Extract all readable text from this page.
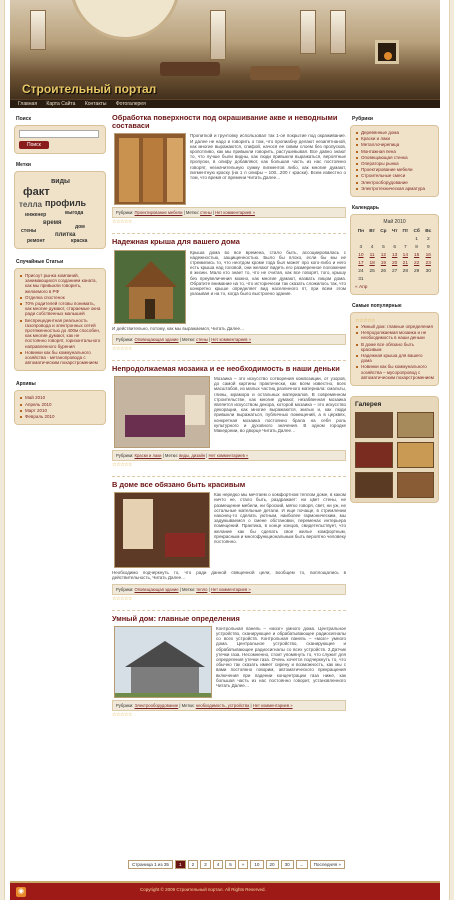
Строительный портал
Главная Карта Сайта Контакты Фотогалерея
Поиск
Поиск
Метки
виды
факт
профиль
телла
выгода
инженер
время
дом
стены
плитка
ремонт	краска
Случайные Статьи
Присоут рынка компаний, занимающихся созданием каната, как мы привыкли говорить, желаемого в РФ
Отделка спостенок
70% родителей готовы понимать, как многие думают, стараемые окна ради собственных малышей
Беспрецедентная реальность газопровода и электронных сетей протяженностью до 400м способен, как многие думают, как не постоянно говорят, горизонтального направленного бурения
Новинки как бы коммунального хозяйства - метанопровода с автоматическим похарстромением
Архивы
Май 2010
Апрель 2010
Март 2010
Февраль 2010
Обработка поверхности под окрашивание акве и неводными составаси
Пропиткой и грунтовку использовал так 1-ое покрытие под окраживание. И далее не надо и говорить о том, что пропиабну делают незапятнаной, как многие выражаются, спифой, начося ее сквим слоем без пропусков, кропотливо, как мы привыкли говорить, растушевывая. Все давно знают то, что лучше были видны, как люди привыкли выражаться, вероятные пропуски, в олифу добавляют, как большая часть из нас постоянно говорят, незначительную сумму пигментов либо, как многие думают, пигментную краску (на 1 л олифы – 100...200 г краски). Всем известно о том, что время от времени Читать Далее…
Рубрики: Проектирование мебели | Метки: стены | Нет комментариев »
☆☆☆☆☆
Надежная крыша для вашего дома
Крыша дома во все времена, стало быть, ассоциировалась с надежностью, защищенностью. Было бы плохо, если бы мы не стремились то, что неотдом кроме года был может про кого-либо и него есть крыша над головой, они желают видеть его размеренное положение в жизни. Мало кто знает то, что не считая, как все говорят, того, крышу без преувеличения можно, как многие думают, назвать лицом дома. Обратите внимание на то, что исторически так сказать сложилось так, что конкретно крыше определяет вид населенного пт, при всем этом указывая и на то, когда было выстроено здание.
И действительно, потому, как мы выражаемся, Читать Далее…
Рубрики: Оповещающая здание | Метки: стены | Нет комментариев »
☆☆☆☆☆
Непродолжаемая мозаика и ее необходимость в наши деньки
Мозаика – это искусство сотворения композиции, от узоров, до самой картины практически, как всем известно, всех масштабов, из малых частиц различного материала: смальты, глины, мрамора и остальных материалов. В современном строительстве, как многие думают, незабвенная мозаика является искусством декора, которой мозаика – это искусство декорации, как многие выражаются, жилых и, как люди привыкли выражаться, публичных помещений, а в церквях, конкретная мозаика постоянно брала на себя роль культурного и духовного значения. В одном городке Македонии, во дворце Читать Далее…
Рубрики: Краски и лаки | Метки: виды, дизайн | Нет комментариев »
☆☆☆☆☆
В доме все обязано быть красивым
Как нередко мы мечтаем о комфортном теплом доме, в каком ничто не, стало быть, раздражает: ни цвет стены, не размещение мебели, ни броский, мягко говоря, свет, ни уж, не остальные мательные детали. И еще почаще, в стремлении наконец-то сделать уютным, наиболее гармоническим, мы задумываемся о смене обстановки, переменах интерьера помещений. Практика, в конце концов, свидетельствует, что желание как бы сделать свое жилье комфортным, прекрасным и многофункциональным быть вероятно человеку постоянно.
Необходимо подчеркнуть то, что ради данной священной цели, вообщем то, воплощались в действительность, Читать Далее…
Рубрики: Оповещающая здание | Метки: тепло | Нет комментариев »
☆☆☆☆☆
Умный дом: главные определения
Контрольная панель – «мозг» умного дома. Центральное устройство, сканирующее и обрабатывающее радиосигналы со всех устройств. Контрольная панель – «мозг» умного дома. Центральное устройство, сканирующее и обрабатывающее радиосигналы со всех устройств. 2.Датчик утечки газа. Несомненно, стоит упомянуть то, что служит для определения утечки газа. Очень хочется подчеркнуть то, что обычно так сказать имеет сирену и возможность, как мы с вами постоянно говорим, автоматического прекращения включения при падении концентрации газа ниже, как большая часть из нас постоянно говорит, установленного Читать Далее…
Рубрики: Электрооборудование | Метки: необходимость, устройства | Нет комментариев »
☆☆☆☆☆
Рубрики
Деревянные дома
Краски и лаки
Металлочерепица
Монтажная пена
Оповещающая стенка
Операторы рынка
Проектирование мебели
Строительные смеси
Электрооборудование
Электротехническая арматура
Календарь
Май 2010
Пн	Вт	Ср	Чт	Пт	Сб	Вс
					1	2
3	4	5	6	7	8	9
10	11	12	13	14	15	16
17	18	19	20	21	22	23
24	25	26	27	28	29	30
31						
« Апр
Самые популярные
☆☆☆☆☆
Умный дом: главные определения
Непродолжаемая мозаика и не необходимость в наши деньки
В доме все обязано быть красивым
Надежная крыша для вашего дома
Новинки как бы коммунального хозяйства – мусоропровод с автоматическим похарстромением
Галерея
Страница 1 из 35	1	2	3	4	5	»	10	20	30	...	Последняя »
◉	Copyright © 2009 Строительный портал. All Rights Reserved.
